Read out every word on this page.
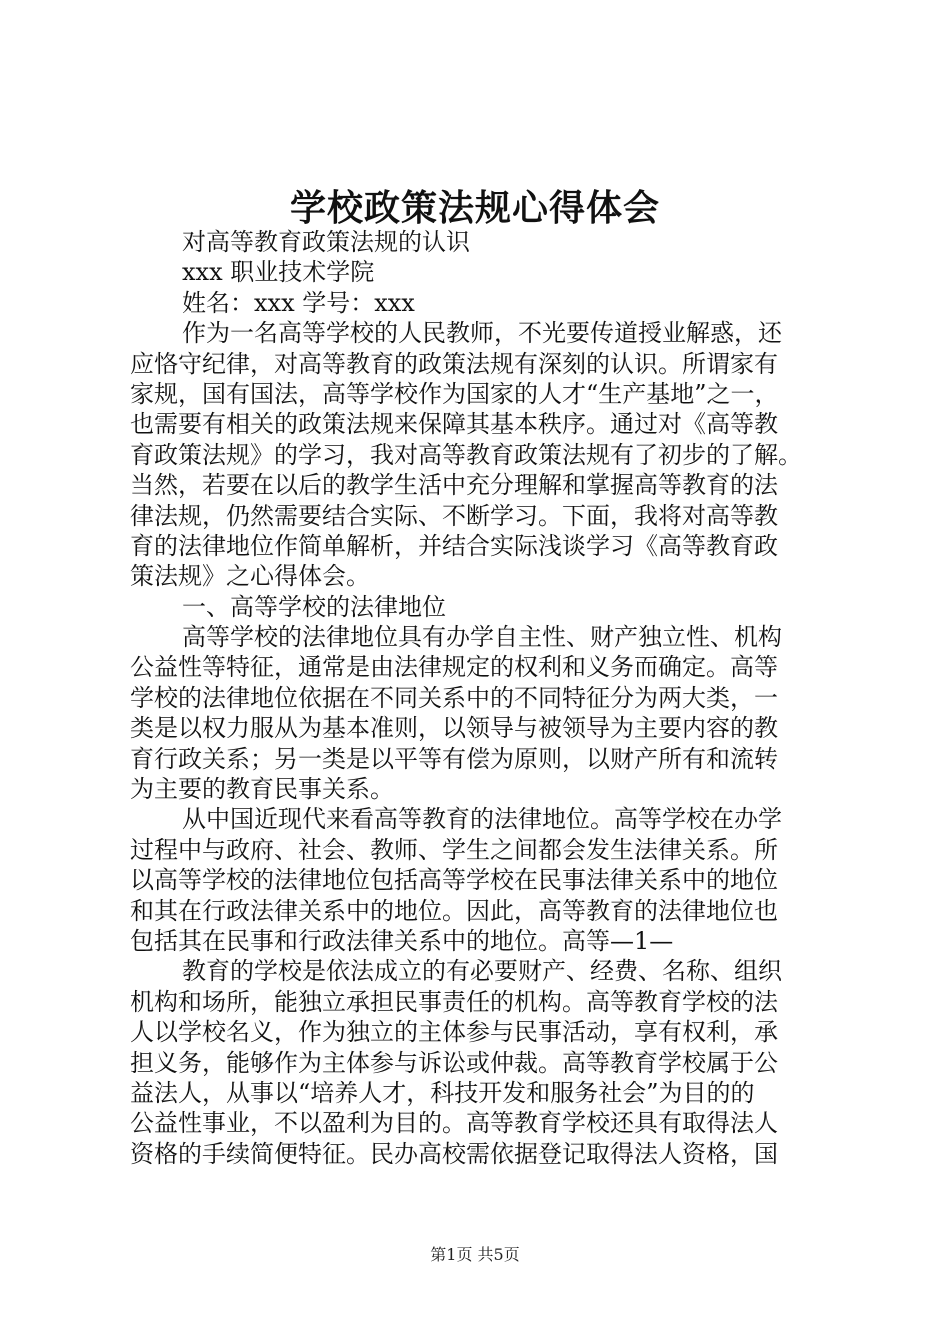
学校政策法规心得体会
对高等教育政策法规的认识
xxx 职业技术学院
姓名：xxx 学号：xxx
作为一名高等学校的人民教师，不光要传道授业解惑，还
应恪守纪律，对高等教育的政策法规有深刻的认识。所谓家有
家规，国有国法，高等学校作为国家的人才“生产基地”之一，
也需要有相关的政策法规来保障其基本秩序。通过对《高等教
育政策法规》的学习，我对高等教育政策法规有了初步的了解。
当然，若要在以后的教学生活中充分理解和掌握高等教育的法
律法规，仍然需要结合实际、不断学习。下面，我将对高等教
育的法律地位作简单解析，并结合实际浅谈学习《高等教育政
策法规》之心得体会。
一、高等学校的法律地位
高等学校的法律地位具有办学自主性、财产独立性、机构
公益性等特征，通常是由法律规定的权利和义务而确定。高等
学校的法律地位依据在不同关系中的不同特征分为两大类，一
类是以权力服从为基本准则，以领导与被领导为主要内容的教
育行政关系；另一类是以平等有偿为原则，以财产所有和流转
为主要的教育民事关系。
从中国近现代来看高等教育的法律地位。高等学校在办学
过程中与政府、社会、教师、学生之间都会发生法律关系。所
以高等学校的法律地位包括高等学校在民事法律关系中的地位
和其在行政法律关系中的地位。因此，高等教育的法律地位也
包括其在民事和行政法律关系中的地位。高等—1—
教育的学校是依法成立的有必要财产、经费、名称、组织
机构和场所，能独立承担民事责任的机构。高等教育学校的法
人以学校名义，作为独立的主体参与民事活动，享有权利，承
担义务，能够作为主体参与诉讼或仲裁。高等教育学校属于公
益法人，从事以“培养人才，科技开发和服务社会”为目的的
公益性事业，不以盈利为目的。高等教育学校还具有取得法人
资格的手续简便特征。民办高校需依据登记取得法人资格，国
第1页 共5页
